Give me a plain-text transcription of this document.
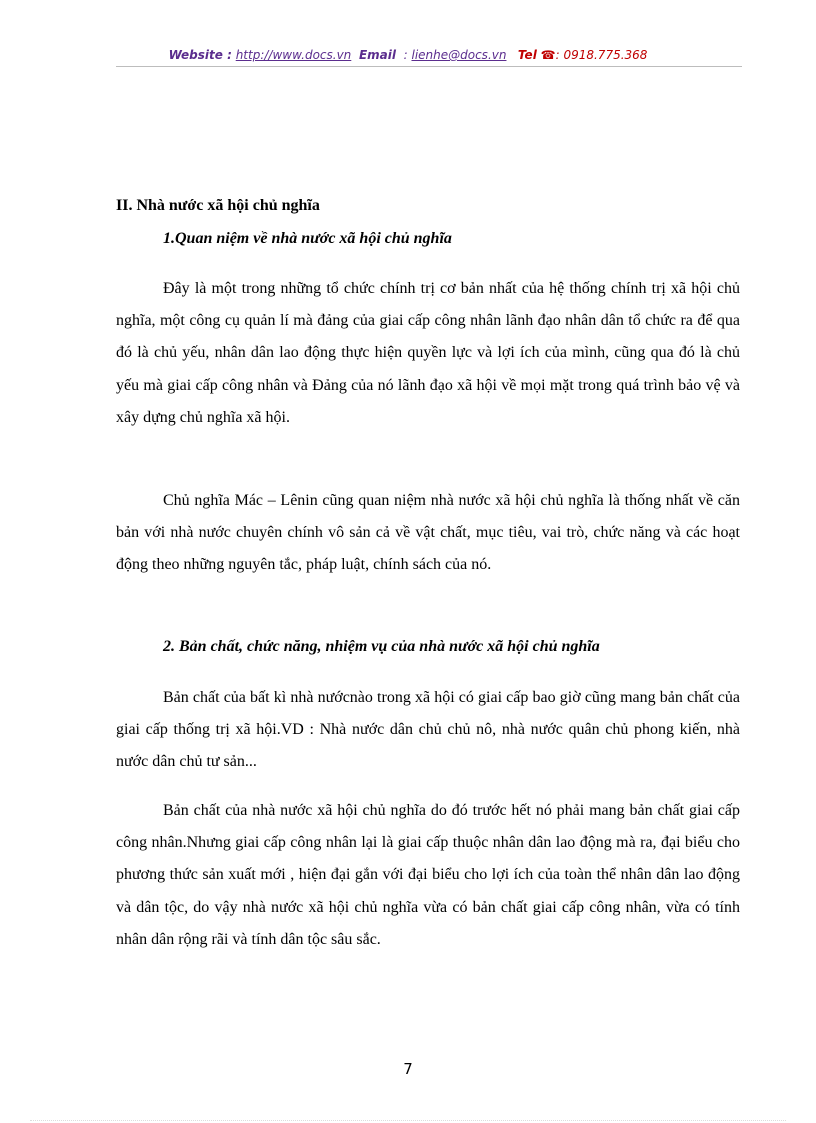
Website : http://www.docs.vn Email : lienhe@docs.vn Tel ☎: 0918.775.368
II. Nhà nước xã hội chủ nghĩa
1.Quan niệm về nhà nước xã hội chủ nghĩa

Đây là một trong những tổ chức chính trị cơ bản nhất của hệ thống chính trị xã hội chủ nghĩa, một công cụ quản lí mà đảng của giai cấp công nhân lãnh đạo nhân dân tổ chức ra để qua đó là chủ yếu, nhân dân lao động thực hiện quyền lực và lợi ích của mình, cũng qua đó là chủ yếu mà giai cấp công nhân và Đảng của nó lãnh đạo xã hội về mọi mặt trong quá trình bảo vệ và xây dựng chủ nghĩa xã hội.

Chủ nghĩa Mác – Lênin cũng quan niệm nhà nước xã hội chủ nghĩa là thống nhất về căn bản với nhà nước chuyên chính vô sản cả về vật chất, mục tiêu, vai trò, chức năng và các hoạt động theo những nguyên tắc, pháp luật, chính sách của nó.

2. Bản chất, chức năng, nhiệm vụ của nhà nước xã hội chủ nghĩa

Bản chất của bất kì nhà nướcnào trong xã hội có giai cấp bao giờ cũng mang bản chất của giai cấp thống trị xã hội.VD : Nhà nước dân chủ chủ nô, nhà nước quân chủ phong kiến, nhà nước dân chủ tư sản...

Bản chất của nhà nước xã hội chủ nghĩa do đó trước hết nó phải mang bản chất giai cấp công nhân.Nhưng giai cấp công nhân lại là giai cấp thuộc nhân dân lao động mà ra, đại biểu cho phương thức sản xuất mới , hiện đại gắn với đại biểu cho lợi ích của toàn thể nhân dân lao động và dân tộc, do vậy nhà nước xã hội chủ nghĩa vừa có bản chất giai cấp công nhân, vừa có tính nhân dân rộng rãi và tính dân tộc sâu sắc.

7
